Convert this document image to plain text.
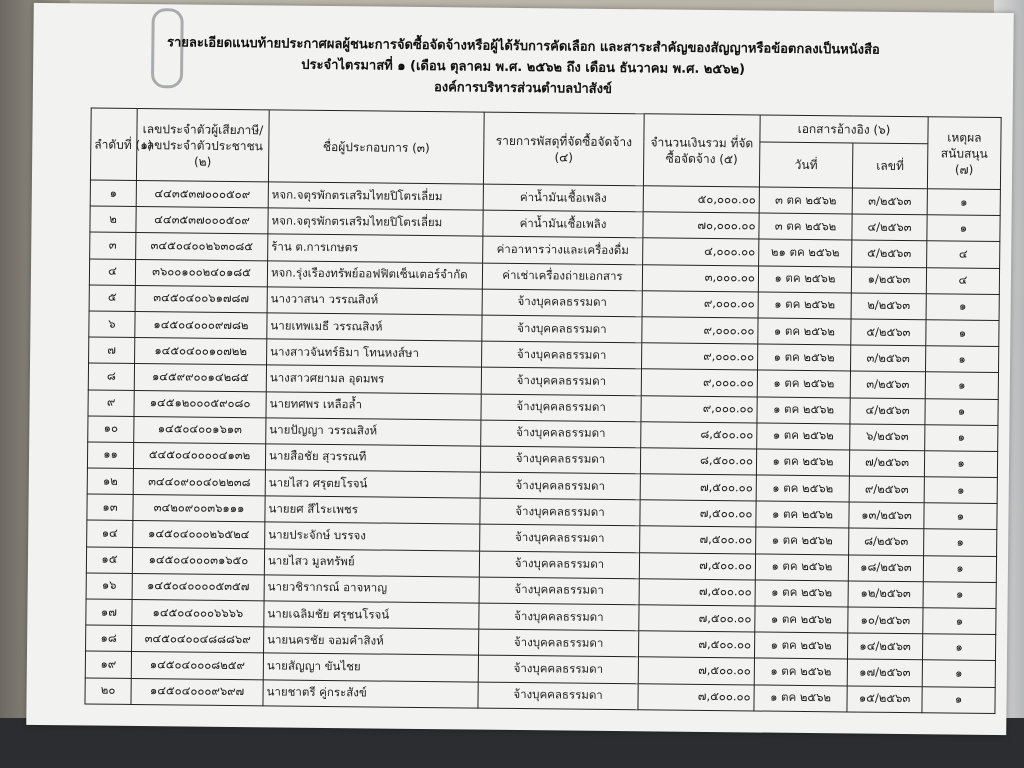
รายละเอียดแนบท้ายประกาศผลผู้ชนะการจัดซื้อจัดจ้างหรือผู้ได้รับการคัดเลือก และสาระสำคัญของสัญญาหรือข้อตกลงเป็นหนังสือ
ประจำไตรมาสที่ ๑ (เดือน ตุลาคม พ.ศ. ๒๕๖๒ ถึง เดือน ธันวาคม พ.ศ. ๒๕๖๒)
องค์การบริหารส่วนตำบลป่าสังข์
ลำดับที่ (๑)	เลขประจำตัวผู้เสียภาษี/ เลขประจำตัวประชาชน (๒)	ชื่อผู้ประกอบการ (๓)	รายการพัสดุที่จัดซื้อจัดจ้าง (๔)	จำนวนเงินรวม ที่จัดซื้อจัดจ้าง (๕)	เอกสารอ้างอิง (๖)		เหตุผล สนับสนุน (๗)
					วันที่	เลขที่	
๑	๔๔๓๕๓๗๐๐๐๕๐๙	หจก.จตุรพักตรเสริมไทยปิโตรเลี่ยม	ค่าน้ำมันเชื้อเพลิง	๕๐,๐๐๐.๐๐	๓ ตค ๒๕๖๒	๓/๒๕๖๓	๑
๒	๔๔๓๕๓๗๐๐๐๕๐๙	หจก.จตุรพักตรเสริมไทยปิโตรเลี่ยม	ค่าน้ำมันเชื้อเพลิง	๗๐,๐๐๐.๐๐	๓ ตค ๒๕๖๒	๔/๒๕๖๓	๑
๓	๓๔๕๐๔๐๐๒๖๓๐๘๕	ร้าน ต.การเกษตร	ค่าอาหารว่างและเครื่องดื่ม	๔,๐๐๐.๐๐	๒๑ ตค ๒๕๖๒	๕/๒๕๖๓	๔
๔	๓๖๐๐๑๐๐๒๔๐๑๘๕	หจก.รุ่งเรืองทรัพย์ออฟฟิตเซ็นเตอร์จำกัด	ค่าเช่าเครื่องถ่ายเอกสาร	๓,๐๐๐.๐๐	๑ ตค ๒๕๖๒	๑/๒๕๖๓	๔
๕	๓๔๕๐๔๐๐๖๑๗๘๗	นางวาสนา วรรณสิงห์	จ้างบุคคลธรรมดา	๙,๐๐๐.๐๐	๑ ตค ๒๕๖๒	๒/๒๕๖๓	๑
๖	๑๔๕๐๔๐๐๐๙๗๘๒	นายเทพเมธี วรรณสิงห์	จ้างบุคคลธรรมดา	๙,๐๐๐.๐๐	๑ ตค ๒๕๖๒	๕/๒๕๖๓	๑
๗	๑๔๕๐๔๐๐๑๐๗๒๒	นางสาวจันทร์ธิมา โทนหงส์ษา	จ้างบุคคลธรรมดา	๙,๐๐๐.๐๐	๑ ตค ๒๕๖๒	๓/๒๕๖๓	๑
๘	๑๔๕๙๙๐๐๑๔๒๘๕	นางสาวศยามล อุดมพร	จ้างบุคคลธรรมดา	๙,๐๐๐.๐๐	๑ ตค ๒๕๖๒	๓/๒๕๖๓	๑
๙	๑๔๕๑๒๐๐๐๕๙๐๘๐	นายทศพร เหลือล้ำ	จ้างบุคคลธรรมดา	๙,๐๐๐.๐๐	๑ ตค ๒๕๖๒	๔/๒๕๖๓	๑
๑๐	๑๔๕๐๔๐๐๑๖๑๓	นายปัญญา วรรณสิงห์	จ้างบุคคลธรรมดา	๘,๕๐๐.๐๐	๑ ตค ๒๕๖๒	๖/๒๕๖๓	๑
๑๑	๕๔๕๐๔๐๐๐๐๔๑๓๒	นายสือชัย สุวรรณที	จ้างบุคคลธรรมดา	๘,๕๐๐.๐๐	๑ ตค ๒๕๖๒	๗/๒๕๖๓	๑
๑๒	๓๔๔๐๙๐๐๔๐๒๒๓๘	นายไสว ศรุตยโรจน์	จ้างบุคคลธรรมดา	๗,๕๐๐.๐๐	๑ ตค ๒๕๖๒	๙/๒๕๖๓	๑
๑๓	๓๔๒๐๙๐๐๓๖๑๑๑	นายยศ สีไระเพชร	จ้างบุคคลธรรมดา	๗,๕๐๐.๐๐	๑ ตค ๒๕๖๒	๑๓/๒๕๖๓	๑
๑๔	๑๔๕๐๔๐๐๐๒๖๕๒๔	นายประจักษ์ บรรจง	จ้างบุคคลธรรมดา	๗,๕๐๐.๐๐	๑ ตค ๒๕๖๒	๘/๒๕๖๓	๑
๑๕	๑๔๕๐๔๐๐๐๓๑๖๕๐	นายไสว มูลทรัพย์	จ้างบุคคลธรรมดา	๗,๕๐๐.๐๐	๑ ตค ๒๕๖๒	๑๘/๒๕๖๓	๑
๑๖	๑๔๕๐๔๐๐๐๐๕๓๕๗	นายวชิรากรณ์ อาจหาญ	จ้างบุคคลธรรมดา	๗,๕๐๐.๐๐	๑ ตค ๒๕๖๒	๑๒/๒๕๖๓	๑
๑๗	๑๔๕๐๔๐๐๐๖๖๖๖	นายเฉลิมชัย ศรุชนโรจน์	จ้างบุคคลธรรมดา	๗,๕๐๐.๐๐	๑ ตค ๒๕๖๒	๑๐/๒๕๖๓	๑
๑๘	๓๔๕๐๔๐๐๔๘๘๘๖๙	นายนครชัย จอมคำสิงห์	จ้างบุคคลธรรมดา	๗,๕๐๐.๐๐	๑ ตค ๒๕๖๒	๑๔/๒๕๖๓	๑
๑๙	๑๔๕๐๔๐๐๐๘๒๕๙	นายสัญญา ขันไชย	จ้างบุคคลธรรมดา	๗,๕๐๐.๐๐	๑ ตค ๒๕๖๒	๑๗/๒๕๖๓	๑
๒๐	๑๔๕๐๔๐๐๐๙๖๙๗	นายชาตรี คู่กระสังข์	จ้างบุคคลธรรมดา	๗,๕๐๐.๐๐	๑ ตค ๒๕๖๒	๑๕/๒๕๖๓	๑
